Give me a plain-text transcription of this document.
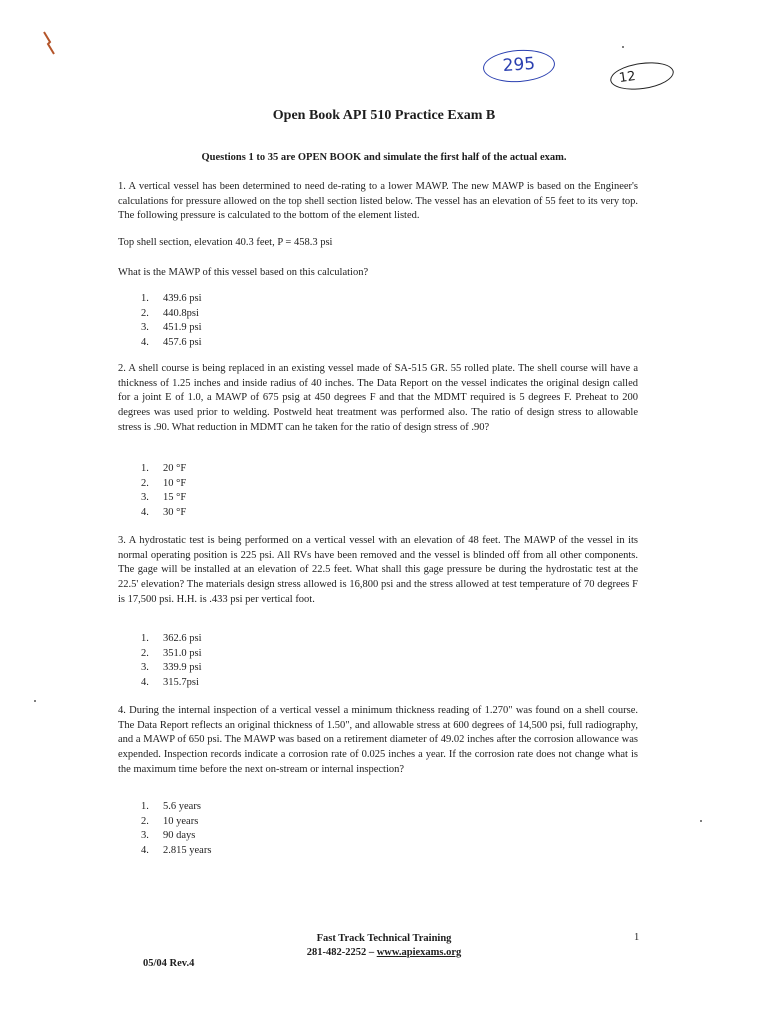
295
12
Open Book API 510 Practice Exam B
Questions 1 to 35 are OPEN BOOK and simulate the first half of the actual exam.
1. A vertical vessel has been determined to need de-rating to a lower MAWP. The new MAWP is based on the Engineer's calculations for pressure allowed on the top shell section listed below. The vessel has an elevation of 55 feet to its very top. The following pressure is calculated to the bottom of the element listed.
Top shell section, elevation 40.3 feet, P = 458.3 psi
What is the MAWP of this vessel based on this calculation?
1. 439.6 psi
2. 440.8psi
3. 451.9 psi
4. 457.6 psi
2. A shell course is being replaced in an existing vessel made of SA-515 GR. 55 rolled plate. The shell course will have a thickness of 1.25 inches and inside radius of 40 inches. The Data Report on the vessel indicates the original design called for a joint E of 1.0, a MAWP of 675 psig at 450 degrees F and that the MDMT required is 5 degrees F. Preheat to 200 degrees was used prior to welding. Postweld heat treatment was performed also. The ratio of design stress to allowable stress is .90. What reduction in MDMT can he taken for the ratio of design stress of .90?
1. 20 °F
2. 10 °F
3. 15 °F
4. 30 °F
3. A hydrostatic test is being performed on a vertical vessel with an elevation of 48 feet. The MAWP of the vessel in its normal operating position is 225 psi. All RVs have been removed and the vessel is blinded off from all other components. The gage will be installed at an elevation of 22.5 feet. What shall this gage pressure be during the hydrostatic test at the 22.5' elevation? The materials design stress allowed is 16,800 psi and the stress allowed at test temperature of 70 degrees F is 17,500 psi. H.H. is .433 psi per vertical foot.
1. 362.6 psi
2. 351.0 psi
3. 339.9 psi
4. 315.7psi
4. During the internal inspection of a vertical vessel a minimum thickness reading of 1.270" was found on a shell course. The Data Report reflects an original thickness of 1.50", and allowable stress at 600 degrees of 14,500 psi, full radiography, and a MAWP of 650 psi. The MAWP was based on a retirement diameter of 49.02 inches after the corrosion allowance was expended. Inspection records indicate a corrosion rate of 0.025 inches a year. If the corrosion rate does not change what is the maximum time before the next on-stream or internal inspection?
1. 5.6 years
2. 10 years
3. 90 days
4. 2.815 years
Fast Track Technical Training
281-482-2252 – www.apiexams.org
1
05/04 Rev.4
